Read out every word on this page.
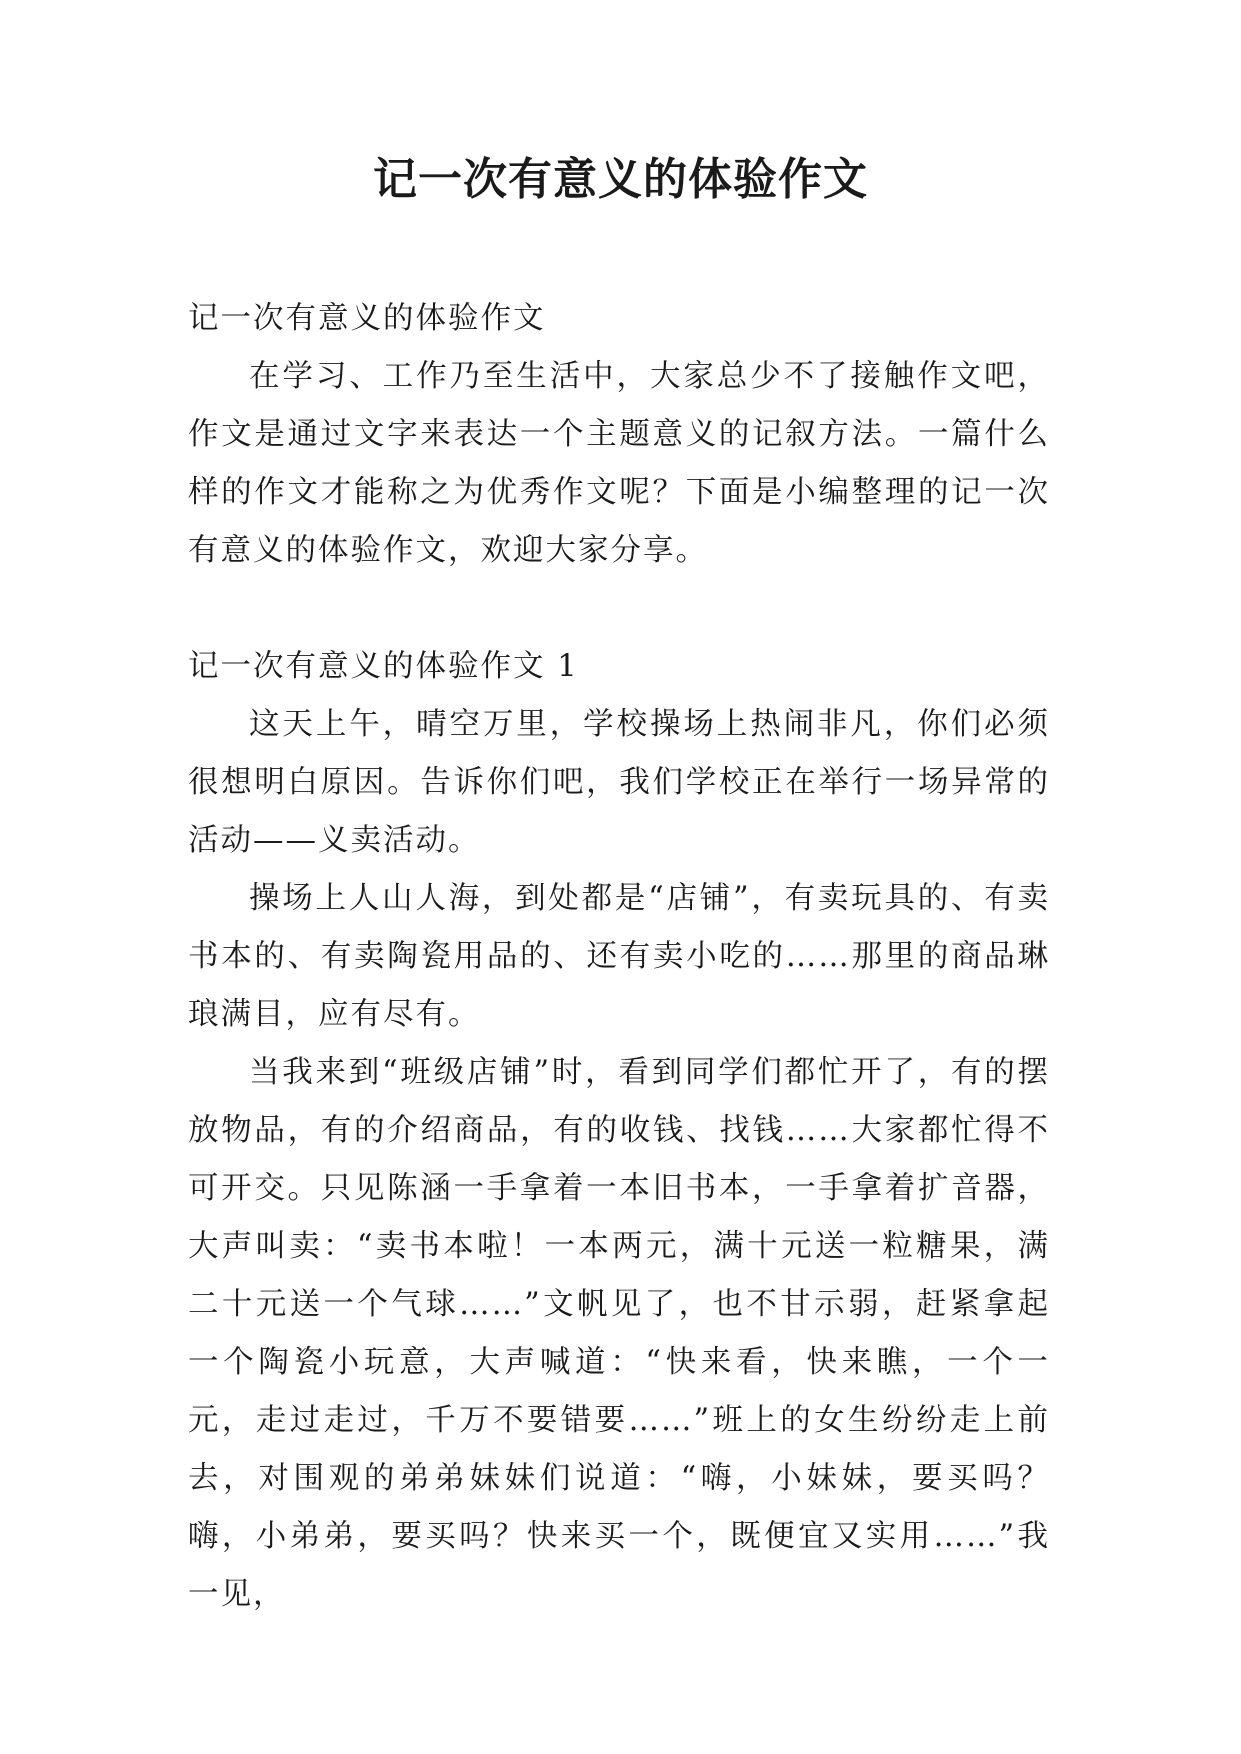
记一次有意义的体验作文

记一次有意义的体验作文

在学习、工作乃至生活中，大家总少不了接触作文吧，作文是通过文字来表达一个主题意义的记叙方法。一篇什么样的作文才能称之为优秀作文呢？下面是小编整理的记一次有意义的体验作文，欢迎大家分享。

记一次有意义的体验作文 1

这天上午，晴空万里，学校操场上热闹非凡，你们必须很想明白原因。告诉你们吧，我们学校正在举行一场异常的活动——义卖活动。

操场上人山人海，到处都是“店铺”，有卖玩具的、有卖书本的、有卖陶瓷用品的、还有卖小吃的……那里的商品琳琅满目，应有尽有。

当我来到“班级店铺”时，看到同学们都忙开了，有的摆放物品，有的介绍商品，有的收钱、找钱……大家都忙得不可开交。只见陈涵一手拿着一本旧书本，一手拿着扩音器，大声叫卖：“卖书本啦！一本两元，满十元送一粒糖果，满二十元送一个气球……”文帆见了，也不甘示弱，赶紧拿起一个陶瓷小玩意，大声喊道：“快来看，快来瞧，一个一元，走过走过，千万不要错要……”班上的女生纷纷走上前去，对围观的弟弟妹妹们说道：“嗨，小妹妹，要买吗？嗨，小弟弟，要买吗？快来买一个，既便宜又实用……”我一见，
